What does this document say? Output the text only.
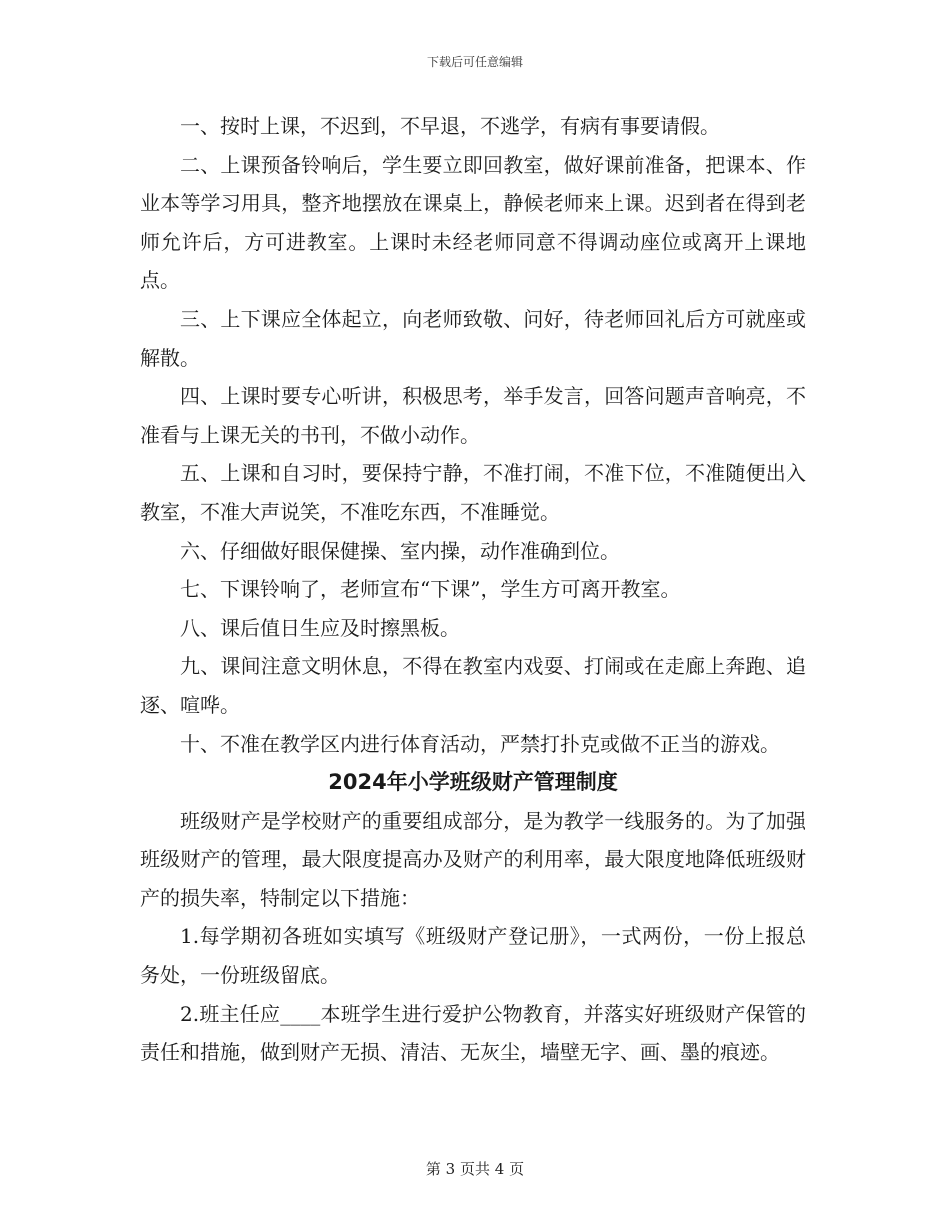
下载后可任意编辑

一、按时上课，不迟到，不早退，不逃学，有病有事要请假。

二、上课预备铃响后，学生要立即回教室，做好课前准备，把课本、作业本等学习用具，整齐地摆放在课桌上，静候老师来上课。迟到者在得到老师允许后，方可进教室。上课时未经老师同意不得调动座位或离开上课地点。

三、上下课应全体起立，向老师致敬、问好，待老师回礼后方可就座或解散。

四、上课时要专心听讲，积极思考，举手发言，回答问题声音响亮，不准看与上课无关的书刊，不做小动作。

五、上课和自习时，要保持宁静，不准打闹，不准下位，不准随便出入教室，不准大声说笑，不准吃东西，不准睡觉。

六、仔细做好眼保健操、室内操，动作准确到位。

七、下课铃响了，老师宣布“下课”，学生方可离开教室。

八、课后值日生应及时擦黑板。

九、课间注意文明休息，不得在教室内戏耍、打闹或在走廊上奔跑、追逐、喧哗。

十、不准在教学区内进行体育活动，严禁打扑克或做不正当的游戏。

2024年小学班级财产管理制度

班级财产是学校财产的重要组成部分，是为教学一线服务的。为了加强班级财产的管理，最大限度提高办及财产的利用率，最大限度地降低班级财产的损失率，特制定以下措施：

1.每学期初各班如实填写《班级财产登记册》，一式两份，一份上报总务处，一份班级留底。

2.班主任应____本班学生进行爱护公物教育，并落实好班级财产保管的责任和措施，做到财产无损、清洁、无灰尘，墙壁无字、画、墨的痕迹。

第 3 页共 4 页
